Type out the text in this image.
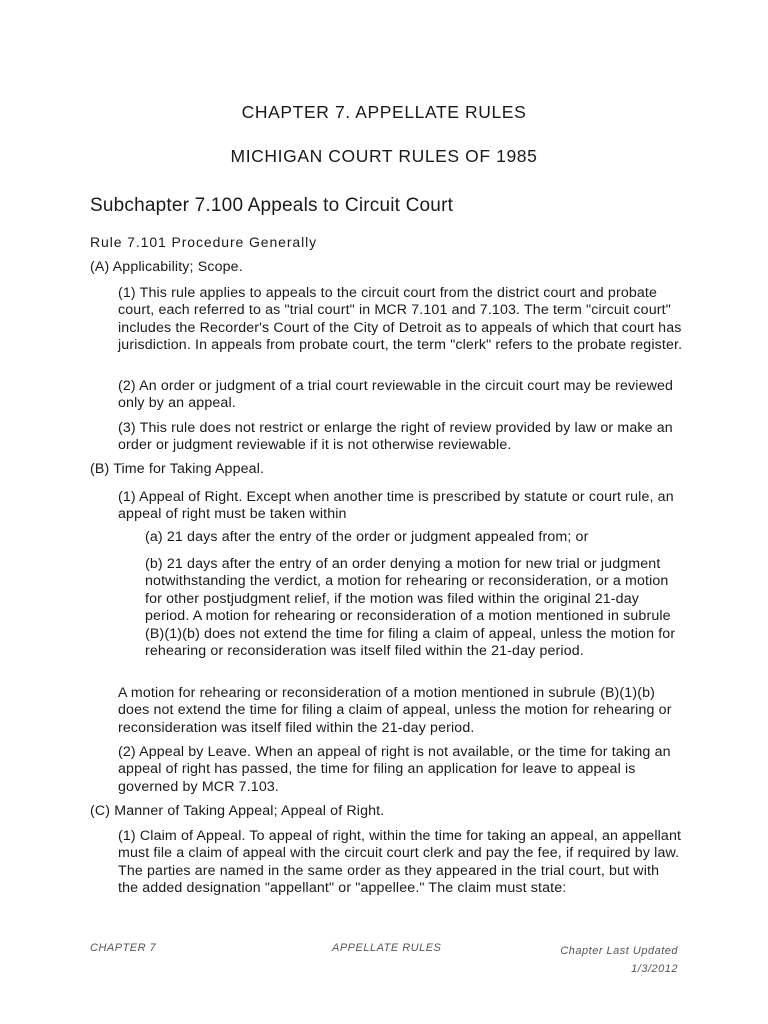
CHAPTER 7. APPELLATE RULES
MICHIGAN COURT RULES OF 1985
Subchapter 7.100 Appeals to Circuit Court
Rule 7.101 Procedure Generally

(A) Applicability; Scope.

(1) This rule applies to appeals to the circuit court from the district court and probate court, each referred to as "trial court" in MCR 7.101 and 7.103. The term "circuit court" includes the Recorder's Court of the City of Detroit as to appeals of which that court has jurisdiction. In appeals from probate court, the term "clerk" refers to the probate register.

(2) An order or judgment of a trial court reviewable in the circuit court may be reviewed only by an appeal.

(3) This rule does not restrict or enlarge the right of review provided by law or make an order or judgment reviewable if it is not otherwise reviewable.

(B) Time for Taking Appeal.

(1) Appeal of Right. Except when another time is prescribed by statute or court rule, an appeal of right must be taken within

(a) 21 days after the entry of the order or judgment appealed from; or

(b) 21 days after the entry of an order denying a motion for new trial or judgment notwithstanding the verdict, a motion for rehearing or reconsideration, or a motion for other postjudgment relief, if the motion was filed within the original 21-day period. A motion for rehearing or reconsideration of a motion mentioned in subrule (B)(1)(b) does not extend the time for filing a claim of appeal, unless the motion for rehearing or reconsideration was itself filed within the 21-day period.

A motion for rehearing or reconsideration of a motion mentioned in subrule (B)(1)(b) does not extend the time for filing a claim of appeal, unless the motion for rehearing or reconsideration was itself filed within the 21-day period.

(2) Appeal by Leave. When an appeal of right is not available, or the time for taking an appeal of right has passed, the time for filing an application for leave to appeal is governed by MCR 7.103.

(C) Manner of Taking Appeal; Appeal of Right.

(1) Claim of Appeal. To appeal of right, within the time for taking an appeal, an appellant must file a claim of appeal with the circuit court clerk and pay the fee, if required by law. The parties are named in the same order as they appeared in the trial court, but with the added designation "appellant" or "appellee." The claim must state:

CHAPTER 7	APPELLATE RULES	Chapter Last Updated
1/3/2012
